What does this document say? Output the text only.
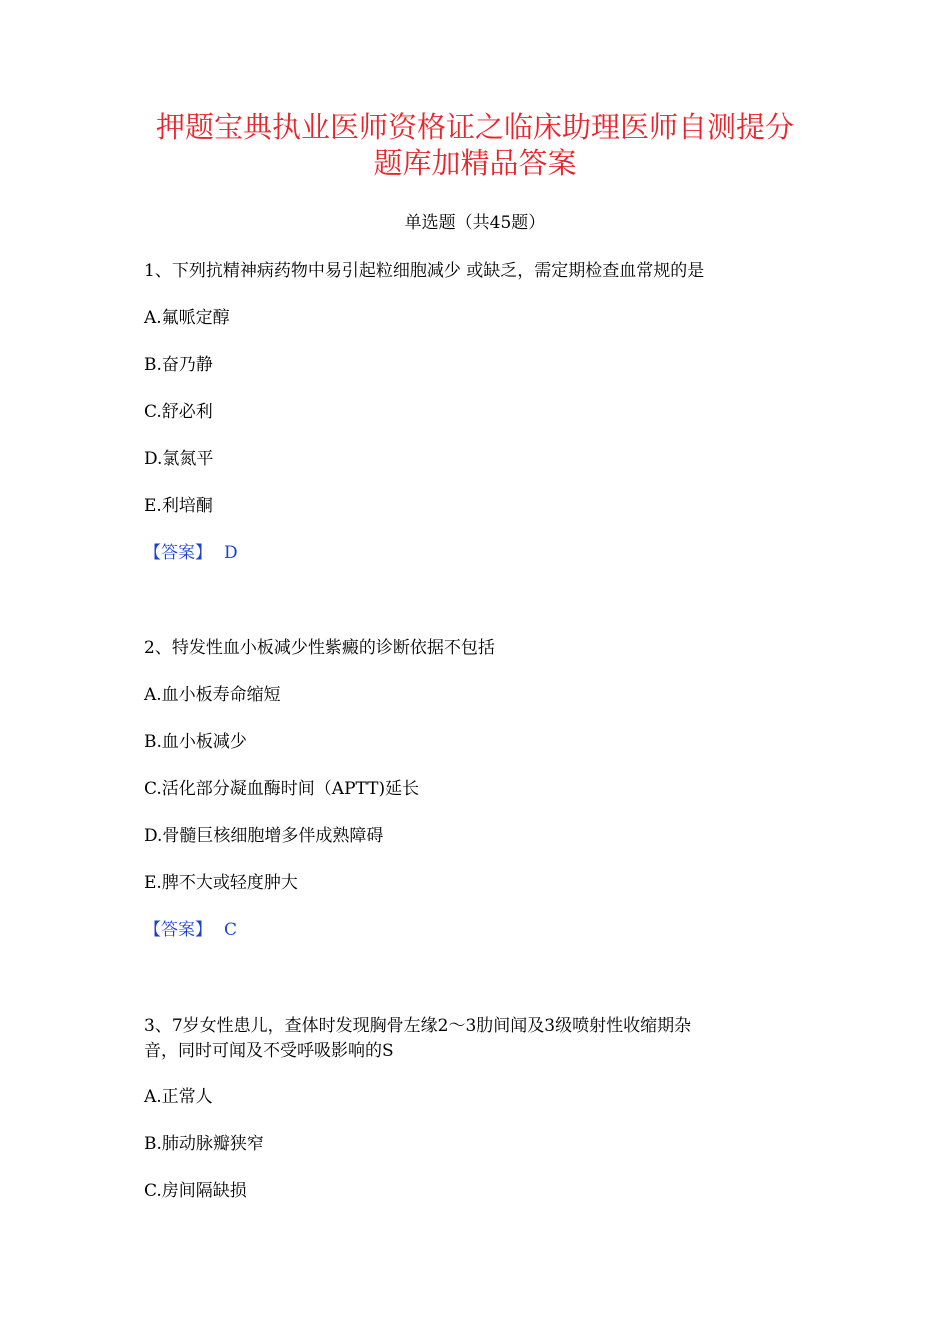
押题宝典执业医师资格证之临床助理医师自测提分
题库加精品答案
单选题（共45题）
1、下列抗精神病药物中易引起粒细胞减少 或缺乏，需定期检查血常规的是
A.氟哌定醇
B.奋乃静
C.舒必利
D.氯氮平
E.利培酮
【答案】 D
2、特发性血小板减少性紫癜的诊断依据不包括
A.血小板寿命缩短
B.血小板减少
C.活化部分凝血酶时间（APTT)延长
D.骨髓巨核细胞增多伴成熟障碍
E.脾不大或轻度肿大
【答案】 C
3、7岁女性患儿，查体时发现胸骨左缘2～3肋间闻及3级喷射性收缩期杂
音，同时可闻及不受呼吸影响的S
A.正常人
B.肺动脉瓣狭窄
C.房间隔缺损
